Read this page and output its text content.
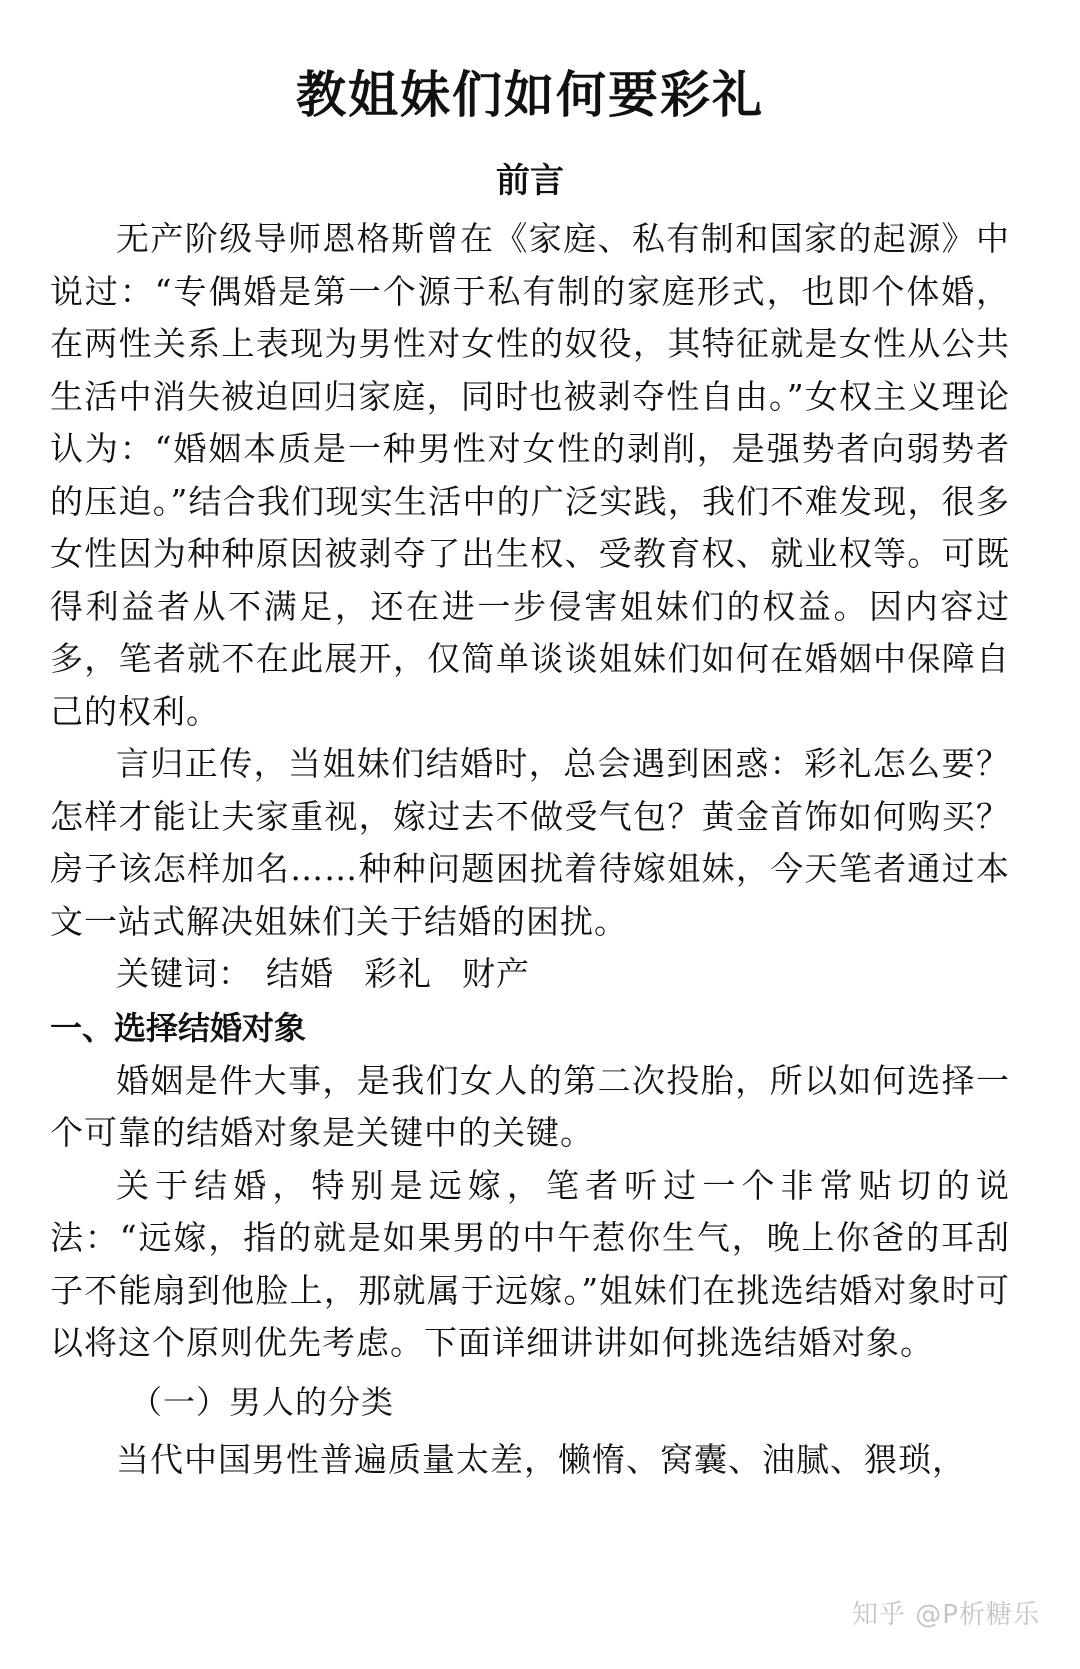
教姐妹们如何要彩礼
前言

无产阶级导师恩格斯曾在《家庭、私有制和国家的起源》中说过：“专偶婚是第一个源于私有制的家庭形式，也即个体婚，在两性关系上表现为男性对女性的奴役，其特征就是女性从公共生活中消失被迫回归家庭，同时也被剥夺性自由。”女权主义理论认为：“婚姻本质是一种男性对女性的剥削，是强势者向弱势者的压迫。”结合我们现实生活中的广泛实践，我们不难发现，很多女性因为种种原因被剥夺了出生权、受教育权、就业权等。可既得利益者从不满足，还在进一步侵害姐妹们的权益。因内容过多，笔者就不在此展开，仅简单谈谈姐妹们如何在婚姻中保障自己的权利。

言归正传，当姐妹们结婚时，总会遇到困惑：彩礼怎么要？怎样才能让夫家重视，嫁过去不做受气包？黄金首饰如何购买？房子该怎样加名……种种问题困扰着待嫁姐妹，今天笔者通过本文一站式解决姐妹们关于结婚的困扰。

关键词： 结婚 彩礼 财产

一、选择结婚对象

婚姻是件大事，是我们女人的第二次投胎，所以如何选择一个可靠的结婚对象是关键中的关键。

关于结婚，特别是远嫁，笔者听过一个非常贴切的说法：“远嫁，指的就是如果男的中午惹你生气，晚上你爸的耳刮子不能扇到他脸上，那就属于远嫁。”姐妹们在挑选结婚对象时可以将这个原则优先考虑。下面详细讲讲如何挑选结婚对象。

（一）男人的分类

当代中国男性普遍质量太差，懒惰、窝囊、油腻、猥琐，

知乎 @P析糖乐
